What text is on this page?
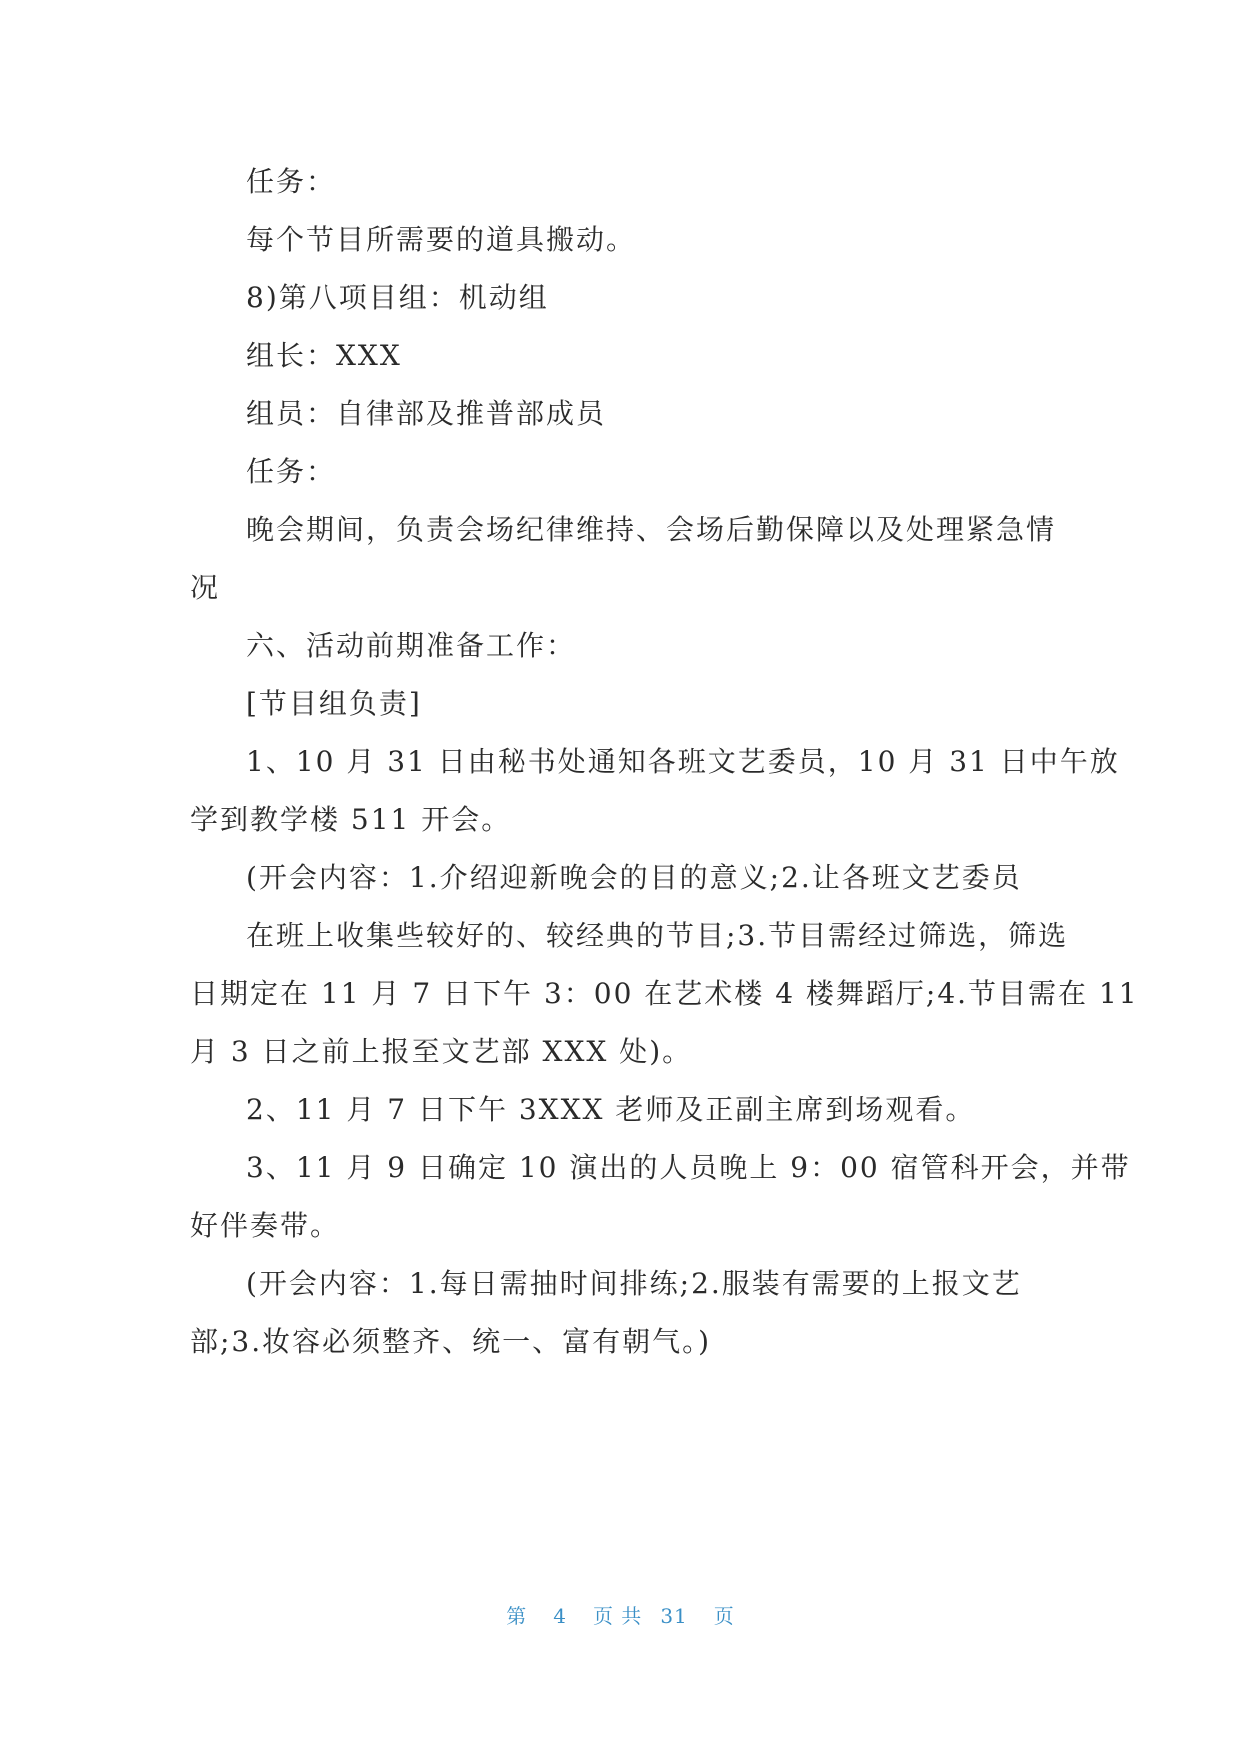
任务：
每个节目所需要的道具搬动。
8)第八项目组：机动组
组长：XXX
组员：自律部及推普部成员
任务：
晚会期间，负责会场纪律维持、会场后勤保障以及处理紧急情
况
六、活动前期准备工作：
[节目组负责]
1、10 月 31 日由秘书处通知各班文艺委员，10 月 31 日中午放
学到教学楼 511 开会。
(开会内容：1.介绍迎新晚会的目的意义;2.让各班文艺委员
在班上收集些较好的、较经典的节目;3.节目需经过筛选，筛选
日期定在 11 月 7 日下午 3：00 在艺术楼 4 楼舞蹈厅;4.节目需在 11
月 3 日之前上报至文艺部 XXX 处)。
2、11 月 7 日下午 3XXX 老师及正副主席到场观看。
3、11 月 9 日确定 10 演出的人员晚上 9：00 宿管科开会，并带
好伴奏带。
(开会内容：1.每日需抽时间排练;2.服装有需要的上报文艺
部;3.妆容必须整齐、统一、富有朝气。)
第 4 页 共 31 页
